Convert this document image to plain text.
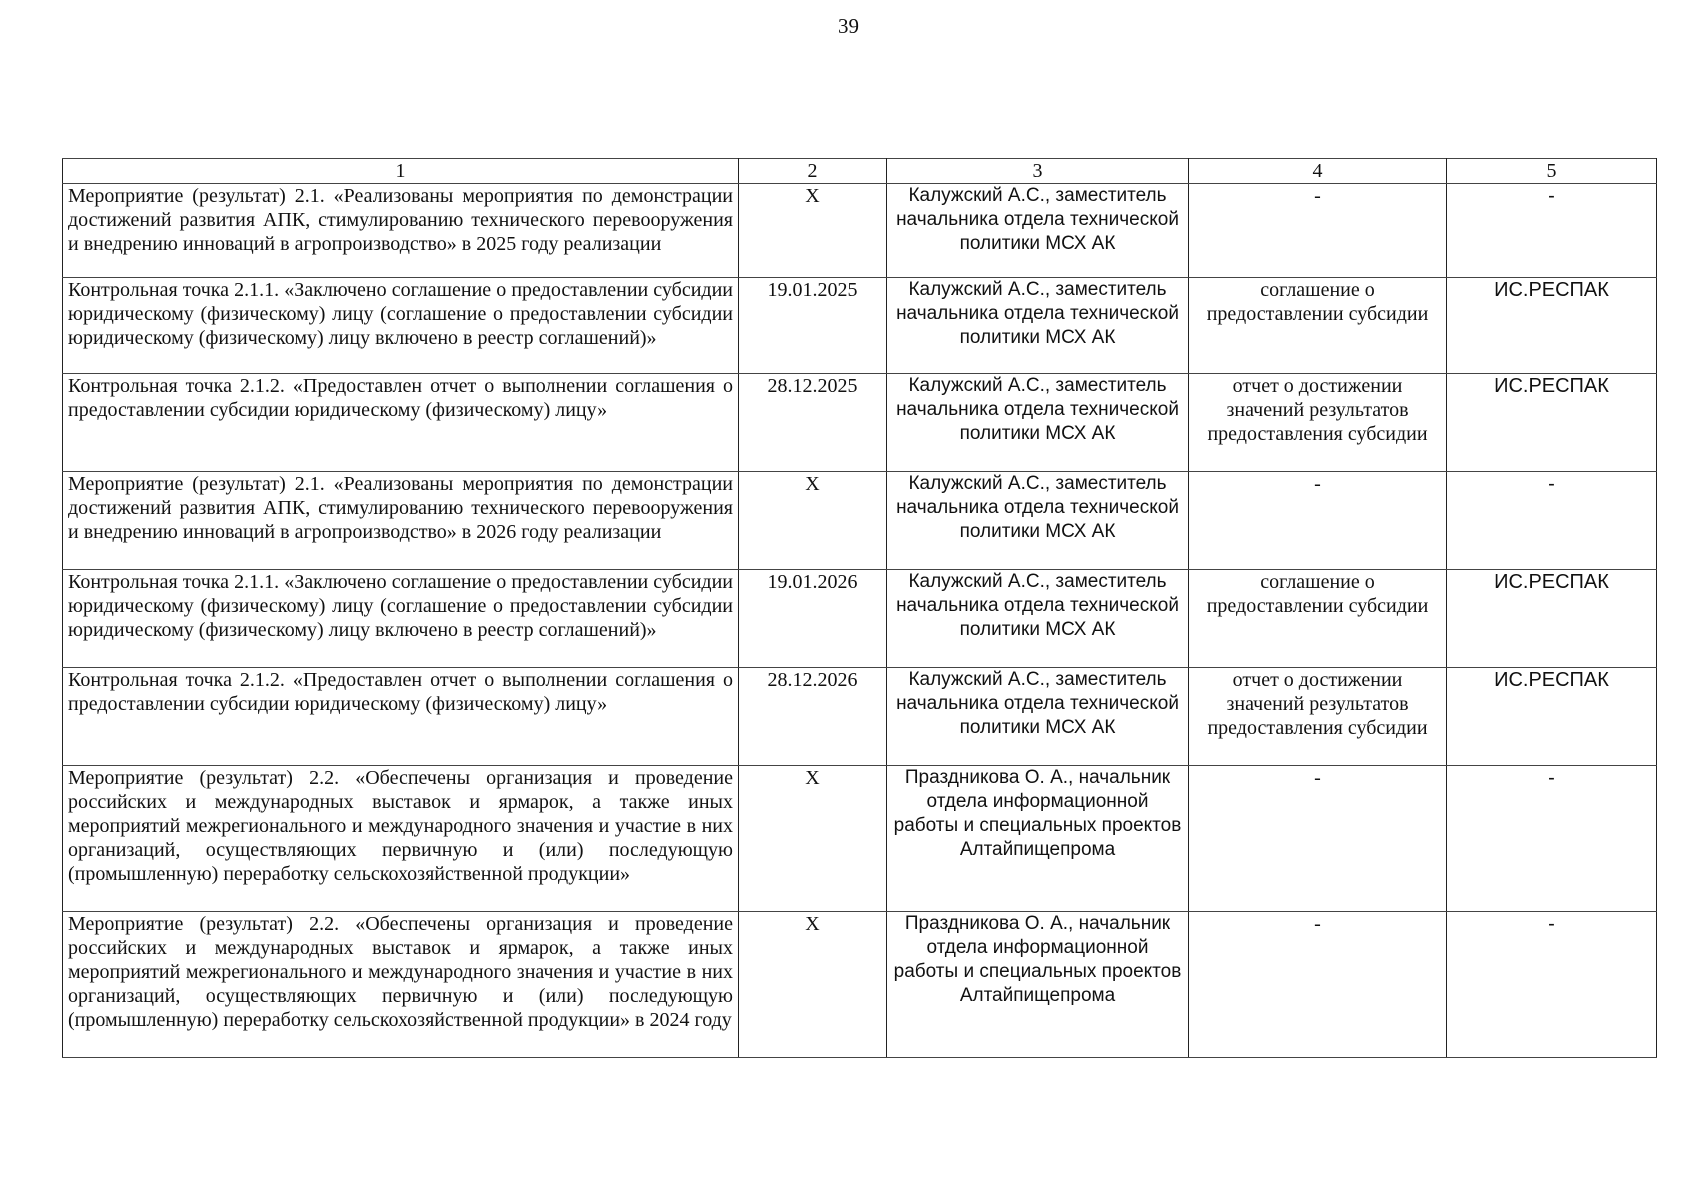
39
1	2	3	4	5
Мероприятие (результат) 2.1. «Реализованы мероприятия по демонстрации достижений развития АПК, стимулированию технического перевооружения и внедрению инноваций в агропроизводство» в 2025 году реализации	X	Калужский А.С., заместитель начальника отдела технической политики МСХ АК	-	-
Контрольная точка 2.1.1. «Заключено соглашение о предоставлении субсидии юридическому (физическому) лицу (соглашение о предоставлении субсидии юридическому (физическому) лицу включено в реестр соглашений)»	19.01.2025	Калужский А.С., заместитель начальника отдела технической политики МСХ АК	соглашение о предоставлении субсидии	ИС.РЕСПАК
Контрольная точка 2.1.2. «Предоставлен отчет о выполнении соглашения о предоставлении субсидии юридическому (физическому) лицу»	28.12.2025	Калужский А.С., заместитель начальника отдела технической политики МСХ АК	отчет о достижении значений результатов предоставления субсидии	ИС.РЕСПАК
Мероприятие (результат) 2.1. «Реализованы мероприятия по демонстрации достижений развития АПК, стимулированию технического перевооружения и внедрению инноваций в агропроизводство» в 2026 году реализации	X	Калужский А.С., заместитель начальника отдела технической политики МСХ АК	-	-
Контрольная точка 2.1.1. «Заключено соглашение о предоставлении субсидии юридическому (физическому) лицу (соглашение о предоставлении субсидии юридическому (физическому) лицу включено в реестр соглашений)»	19.01.2026	Калужский А.С., заместитель начальника отдела технической политики МСХ АК	соглашение о предоставлении субсидии	ИС.РЕСПАК
Контрольная точка 2.1.2. «Предоставлен отчет о выполнении соглашения о предоставлении субсидии юридическому (физическому) лицу»	28.12.2026	Калужский А.С., заместитель начальника отдела технической политики МСХ АК	отчет о достижении значений результатов предоставления субсидии	ИС.РЕСПАК
Мероприятие (результат) 2.2. «Обеспечены организация и проведение российских и международных выставок и ярмарок, а также иных мероприятий межрегионального и международного значения и участие в них организаций, осуществляющих первичную и (или) последующую (промышленную) переработку сельскохозяйственной продукции»	X	Праздникова О. А., начальник отдела информационной работы и специальных проектов Алтайпищепрома	-	-
Мероприятие (результат) 2.2. «Обеспечены организация и проведение российских и международных выставок и ярмарок, а также иных мероприятий межрегионального и международного значения и участие в них организаций, осуществляющих первичную и (или) последующую (промышленную) переработку сельскохозяйственной продукции» в 2024 году	X	Праздникова О. А., начальник отдела информационной работы и специальных проектов Алтайпищепрома	-	-
